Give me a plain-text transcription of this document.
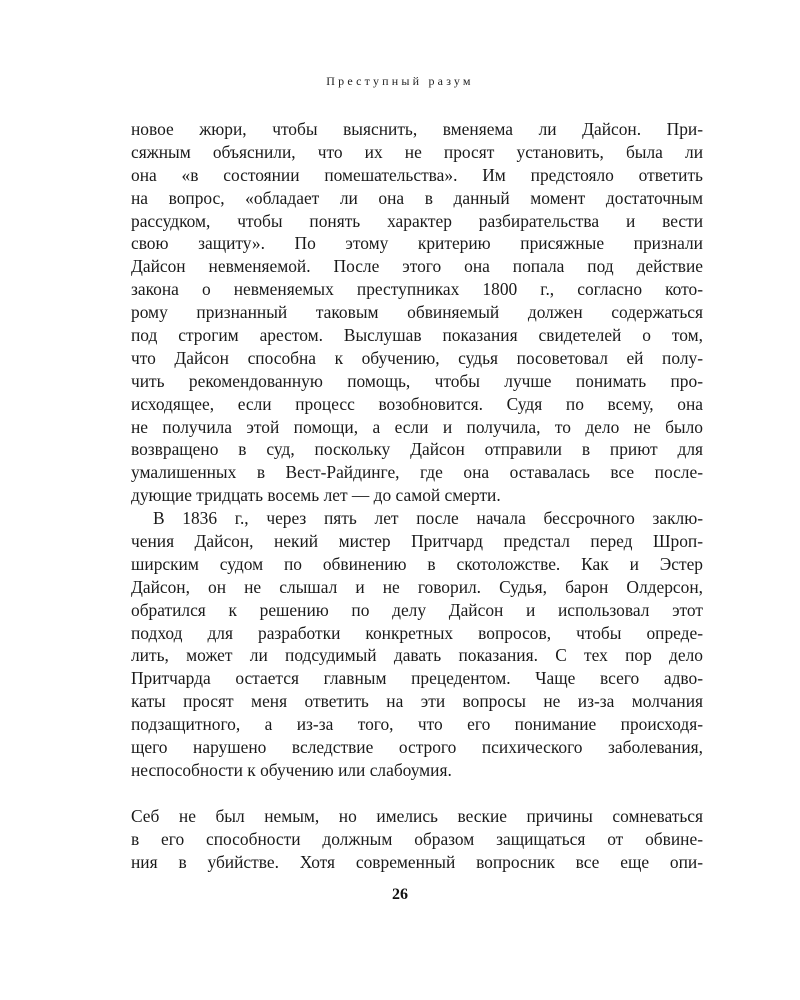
Преступный разум
новое жюри, чтобы выяснить, вменяема ли Дайсон. При-
сяжным объяснили, что их не просят установить, была ли
она «в состоянии помешательства». Им предстояло ответить
на вопрос, «обладает ли она в данный момент достаточным
рассудком, чтобы понять характер разбирательства и вести
свою защиту». По этому критерию присяжные признали
Дайсон невменяемой. После этого она попала под действие
закона о невменяемых преступниках 1800 г., согласно кото-
рому признанный таковым обвиняемый должен содержаться
под строгим арестом. Выслушав показания свидетелей о том,
что Дайсон способна к обучению, судья посоветовал ей полу-
чить рекомендованную помощь, чтобы лучше понимать про-
исходящее, если процесс возобновится. Судя по всему, она
не получила этой помощи, а если и получила, то дело не было
возвращено в суд, поскольку Дайсон отправили в приют для
умалишенных в Вест-Райдинге, где она оставалась все после-
дующие тридцать восемь лет — до самой смерти.
В 1836 г., через пять лет после начала бессрочного заклю-
чения Дайсон, некий мистер Притчард предстал перед Шроп-
ширским судом по обвинению в скотоложстве. Как и Эстер
Дайсон, он не слышал и не говорил. Судья, барон Олдерсон,
обратился к решению по делу Дайсон и использовал этот
подход для разработки конкретных вопросов, чтобы опреде-
лить, может ли подсудимый давать показания. С тех пор дело
Притчарда остается главным прецедентом. Чаще всего адво-
каты просят меня ответить на эти вопросы не из-за молчания
подзащитного, а из-за того, что его понимание происходя-
щего нарушено вследствие острого психического заболевания,
неспособности к обучению или слабоумия.
Себ не был немым, но имелись веские причины сомневаться
в его способности должным образом защищаться от обвине-
ния в убийстве. Хотя современный вопросник все еще опи-
26
